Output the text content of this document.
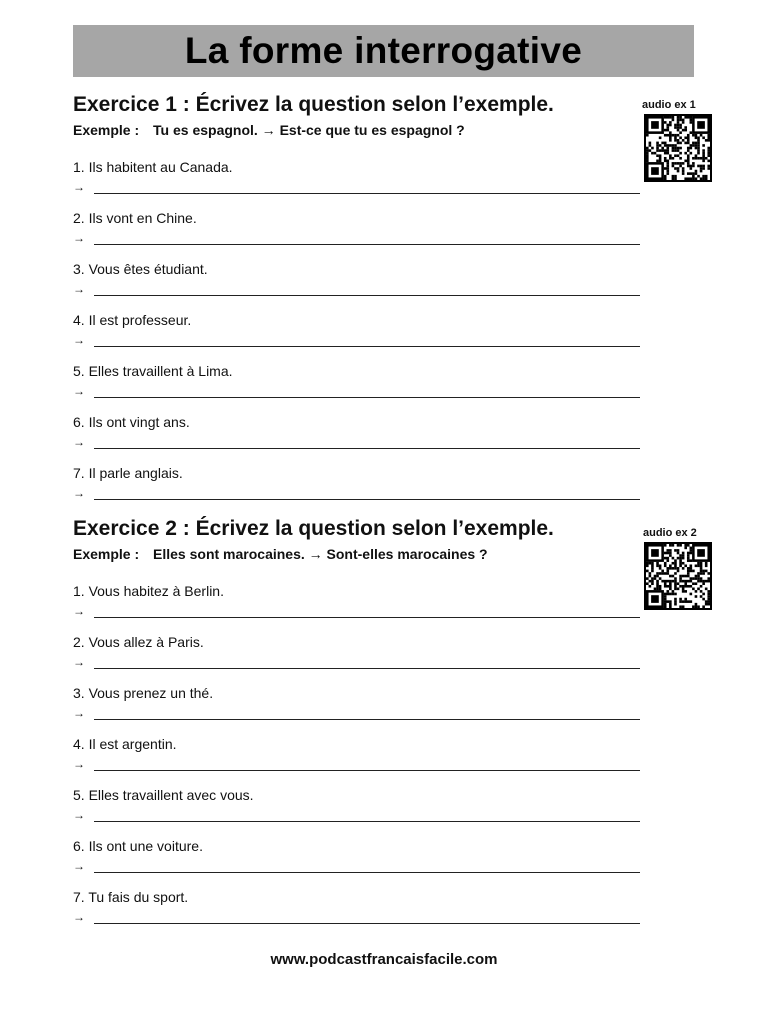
La forme interrogative
Exercice 1 : Écrivez la question selon l’exemple.
Exemple : Tu es espagnol. → Est-ce que tu es espagnol ?
1. Ils habitent au Canada.
→
2. Ils vont en Chine.
→
3. Vous êtes étudiant.
→
4. Il est professeur.
→
5. Elles travaillent à Lima.
→
6. Ils ont vingt ans.
→
7. Il parle anglais.
→
audio ex 1
Exercice 2 : Écrivez la question selon l’exemple.
Exemple : Elles sont marocaines. → Sont-elles marocaines ?
1. Vous habitez à Berlin.
→
2. Vous allez à Paris.
→
3. Vous prenez un thé.
→
4. Il est argentin.
→
5. Elles travaillent avec vous.
→
6. Ils ont une voiture.
→
7. Tu fais du sport.
→
audio ex 2
www.podcastfrancaisfacile.com
